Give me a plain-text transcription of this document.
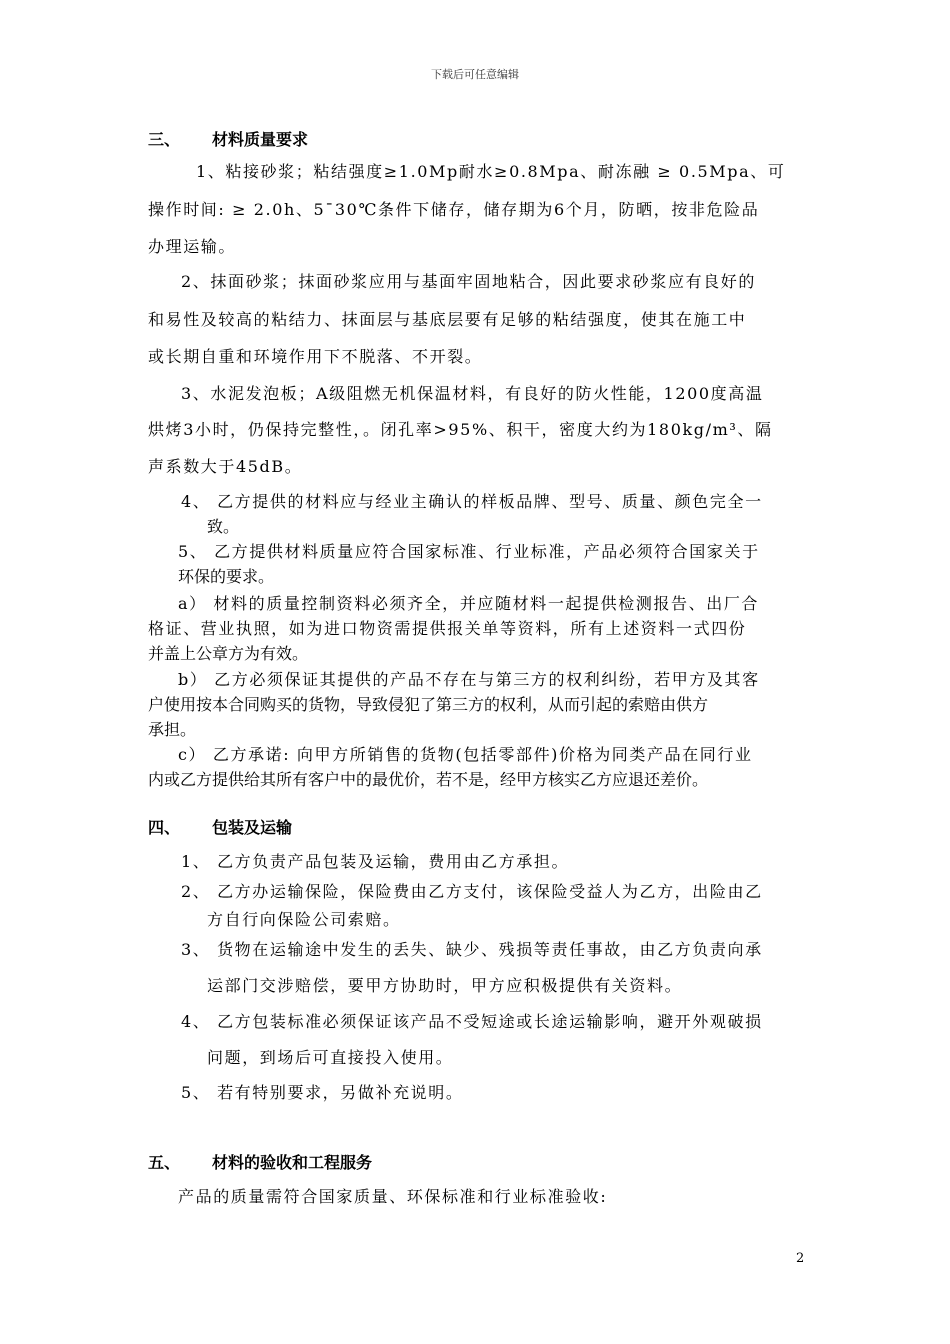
下载后可任意编辑
三、 材料质量要求
1、粘接砂浆；粘结强度≥1.0Mp耐水≥0.8Mpa、耐冻融 ≥ 0.5Mpa、可
操作时间: ≥ 2.0h、5¯30℃条件下储存，储存期为6个月，防晒，按非危险品
办理运输。
2、抹面砂浆；抹面砂浆应用与基面牢固地粘合，因此要求砂浆应有良好的
和易性及较高的粘结力、抹面层与基底层要有足够的粘结强度，使其在施工中
或长期自重和环境作用下不脱落、不开裂。
3、水泥发泡板；A级阻燃无机保温材料，有良好的防火性能，1200度高温
烘烤3小时，仍保持完整性，。闭孔率>95%、积干，密度大约为180kg/m³、隔
声系数大于45dB。
4、 乙方提供的材料应与经业主确认的样板品牌、型号、质量、颜色完全一
致。
5、 乙方提供材料质量应符合国家标准、行业标准，产品必须符合国家关于
环保的要求。
a） 材料的质量控制资料必须齐全，并应随材料一起提供检测报告、出厂合
格证、营业执照，如为进口物资需提供报关单等资料，所有上述资料一式四份
并盖上公章方为有效。
b） 乙方必须保证其提供的产品不存在与第三方的权利纠纷，若甲方及其客
户使用按本合同购买的货物，导致侵犯了第三方的权利，从而引起的索赔由供方
承担。
c） 乙方承诺: 向甲方所销售的货物(包括零部件)价格为同类产品在同行业
内或乙方提供给其所有客户中的最优价，若不是，经甲方核实乙方应退还差价。
四、 包装及运输
1、 乙方负责产品包装及运输，费用由乙方承担。
2、 乙方办运输保险，保险费由乙方支付，该保险受益人为乙方，出险由乙
方自行向保险公司索赔。
3、 货物在运输途中发生的丢失、缺少、残损等责任事故，由乙方负责向承
运部门交涉赔偿，要甲方协助时，甲方应积极提供有关资料。
4、 乙方包装标准必须保证该产品不受短途或长途运输影响，避开外观破损
问题，到场后可直接投入使用。
5、 若有特别要求，另做补充说明。
五、 材料的验收和工程服务
产品的质量需符合国家质量、环保标准和行业标准验收:
2
